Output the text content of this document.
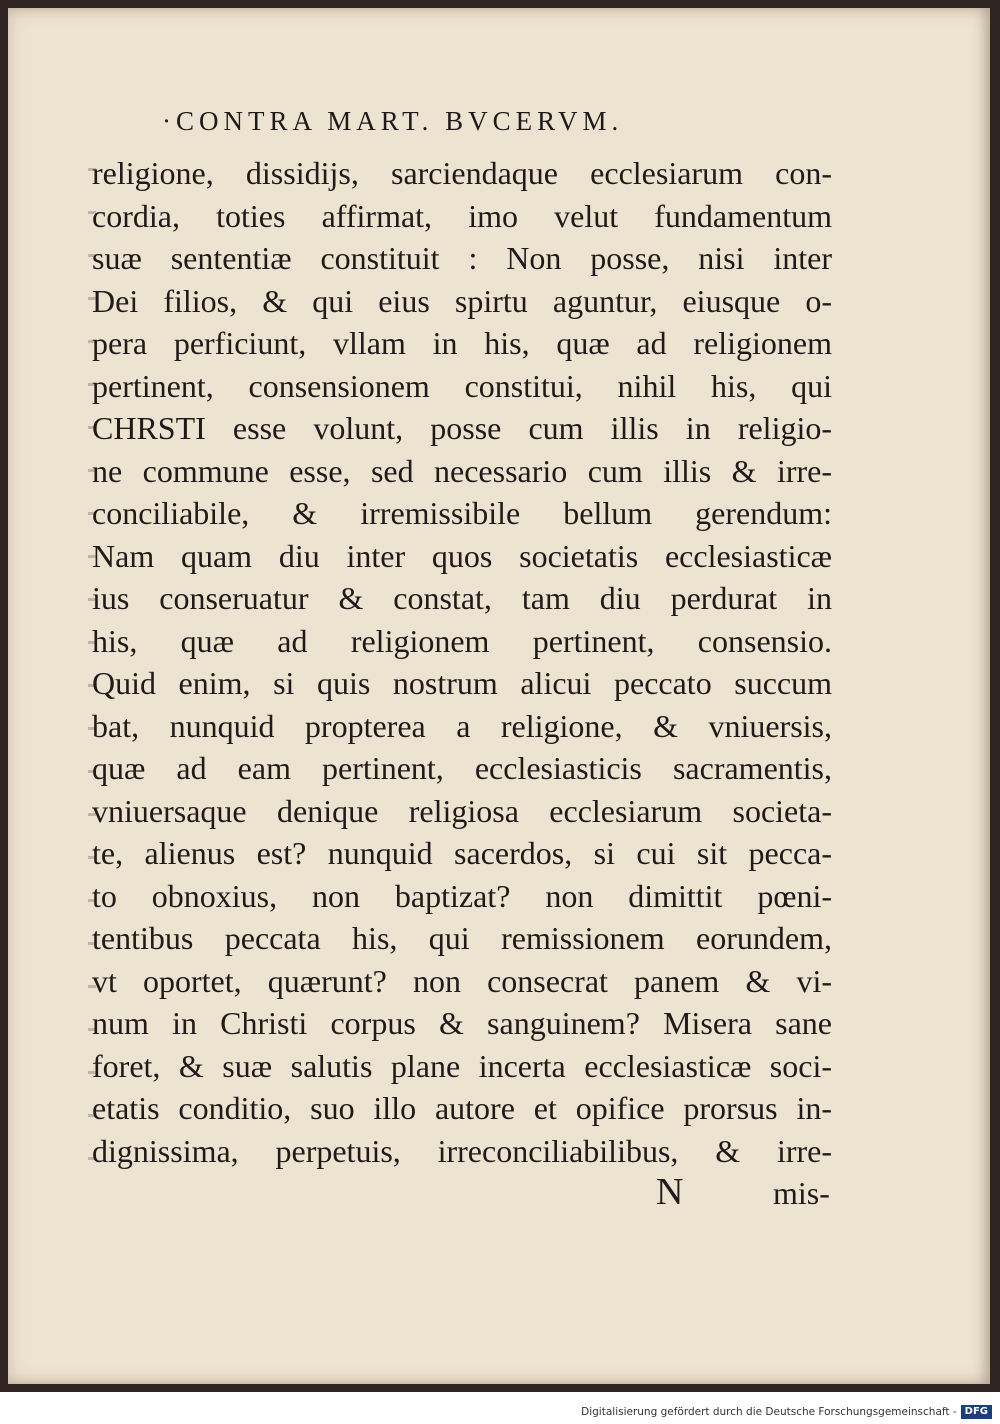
·CONTRA MART. BVCERVM.
religione, dissidijs, sarciendaque ecclesiarum con-
cordia, toties affirmat, imo velut fundamentum
suæ sententiæ constituit : Non posse, nisi inter
Dei filios, & qui eius spirtu aguntur, eiusque o-
pera perficiunt, vllam in his, quæ ad religionem
pertinent, consensionem constitui, nihil his, qui
CHRSTI esse volunt, posse cum illis in religio-
ne commune esse, sed necessario cum illis & irre-
conciliabile, & irremissibile bellum gerendum:
Nam quam diu inter quos societatis ecclesiasticæ
ius conseruatur & constat, tam diu perdurat in
his, quæ ad religionem pertinent, consensio.
Quid enim, si quis nostrum alicui peccato succum
bat, nunquid propterea a religione, & vniuersis,
quæ ad eam pertinent, ecclesiasticis sacramentis,
vniuersaque denique religiosa ecclesiarum societa-
te, alienus est? nunquid sacerdos, si cui sit pecca-
to obnoxius, non baptizat? non dimittit pœni-
tentibus peccata his, qui remissionem eorundem,
vt oportet, quærunt? non consecrat panem & vi-
num in Christi corpus & sanguinem? Misera sane
foret, & suæ salutis plane incerta ecclesiasticæ soci-
etatis conditio, suo illo autore et opifice prorsus in-
dignissima, perpetuis, irreconciliabilibus, & irre-
N	mis-
Digitalisierung gefördert durch die Deutsche Forschungsgemeinschaft - DFG
